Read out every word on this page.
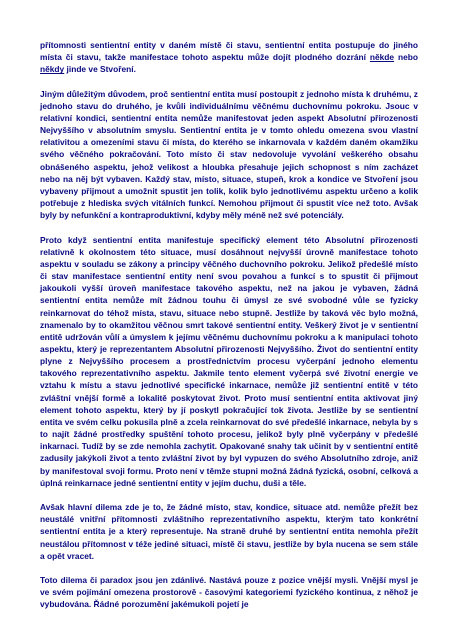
přítomnosti sentientní entity v daném místě či stavu, sentientní entita postupuje do jiného místa či stavu, takže manifestace tohoto aspektu může dojít plodného dozrání někde nebo někdy jinde ve Stvoření.

Jiným důležitým důvodem, proč sentientní entita musí postoupit z jednoho místa k druhému, z jednoho stavu do druhého, je kvůli individuálnímu věčnému duchovnímu pokroku. Jsouc v relativní kondici, sentientní entita nemůže manifestovat jeden aspekt Absolutní přirozenosti Nejvyššího v absolutním smyslu. Sentientní entita je v tomto ohledu omezena svou vlastní relativitou a omezeními stavu či místa, do kterého se inkarnovala v každém daném okamžiku svého věčného pokračování. Toto místo či stav nedovoluje vyvolání veškerého obsahu obnášeného aspektu, jehož velikost a hloubka přesahuje jejich schopnost s ním zacházet nebo na něj být vybaven. Každý stav, místo, situace, stupeň, krok a kondice ve Stvoření jsou vybaveny přijmout a umožnit spustit jen tolik, kolik bylo jednotlivému aspektu určeno a kolik potřebuje z hlediska svých vitálních funkcí. Nemohou přijmout či spustit více než toto. Avšak byly by nefunkční a kontraproduktivní, kdyby měly méně než své potenciály.

Proto když sentientní entita manifestuje specifický element této Absolutní přirozenosti relativně k okolnostem této situace, musí dosáhnout nejvyšší úrovně manifestace tohoto aspektu v souladu se zákony a principy věčného duchovního pokroku. Jelikož předešlé místo či stav manifestace sentientní entity není svou povahou a funkcí s to spustit či přijmout jakoukoli vyšší úroveň manifestace takového aspektu, než na jakou je vybaven, žádná sentientní entita nemůže mít žádnou touhu či úmysl ze své svobodné vůle se fyzicky reinkarnovat do téhož místa, stavu, situace nebo stupně. Jestliže by taková věc bylo možná, znamenalo by to okamžitou věčnou smrt takové sentientní entity. Veškerý život je v sentientní entitě udržován vůlí a úmyslem k jejímu věčnému duchovnímu pokroku a k manipulaci tohoto aspektu, který je reprezentantem Absolutní přirozenosti Nejvyššího. Život do sentientní entity plyne z Nejvyššího procesem a prostřednictvím procesu vyčerpání jednoho elementu takového reprezentativního aspektu. Jakmile tento element vyčerpá své životní energie ve vztahu k místu a stavu jednotlivé specifické inkarnace, nemůže již sentientní entitě v této zvláštní vnější formě a lokalitě poskytovat život. Proto musí sentientní entita aktivovat jiný element tohoto aspektu, který by jí poskytl pokračující tok života. Jestliže by se sentientní entita ve svém celku pokusila plně a zcela reinkarnovat do své předešlé inkarnace, nebyla by s to najít žádné prostředky spuštění tohoto procesu, jelikož byly plně vyčerpány v předešlé inkarnaci. Tudíž by se zde nemohla zachytit. Opakované snahy tak učinit by v sentientní entitě zadusily jakýkoli život a tento zvláštní život by byl vypuzen do svého Absolutního zdroje, aniž by manifestoval svoji formu. Proto není v těmže stupni možná žádná fyzická, osobní, celková a úplná reinkarnace jedné sentientní entity v jejím duchu, duši a těle.

Avšak hlavní dilema zde je to, že žádné místo, stav, kondice, situace atd. nemůže přežít bez neustálé vnitřní přítomnosti zvláštního reprezentativního aspektu, kterým tato konkrétní sentientní entita je a který representuje. Na straně druhé by sentientní entita nemohla přežít neustálou přítomnost v téže jediné situaci, místě či stavu, jestliže by byla nucena se sem stále a opět vracet.

Toto dilema či paradox jsou jen zdánlivé. Nastává pouze z pozice vnější mysli. Vnější mysl je ve svém pojímání omezena prostorově - časovými kategoriemi fyzického kontinua, z něhož je vybudována. Řádné porozumění jakémukoli pojetí je
